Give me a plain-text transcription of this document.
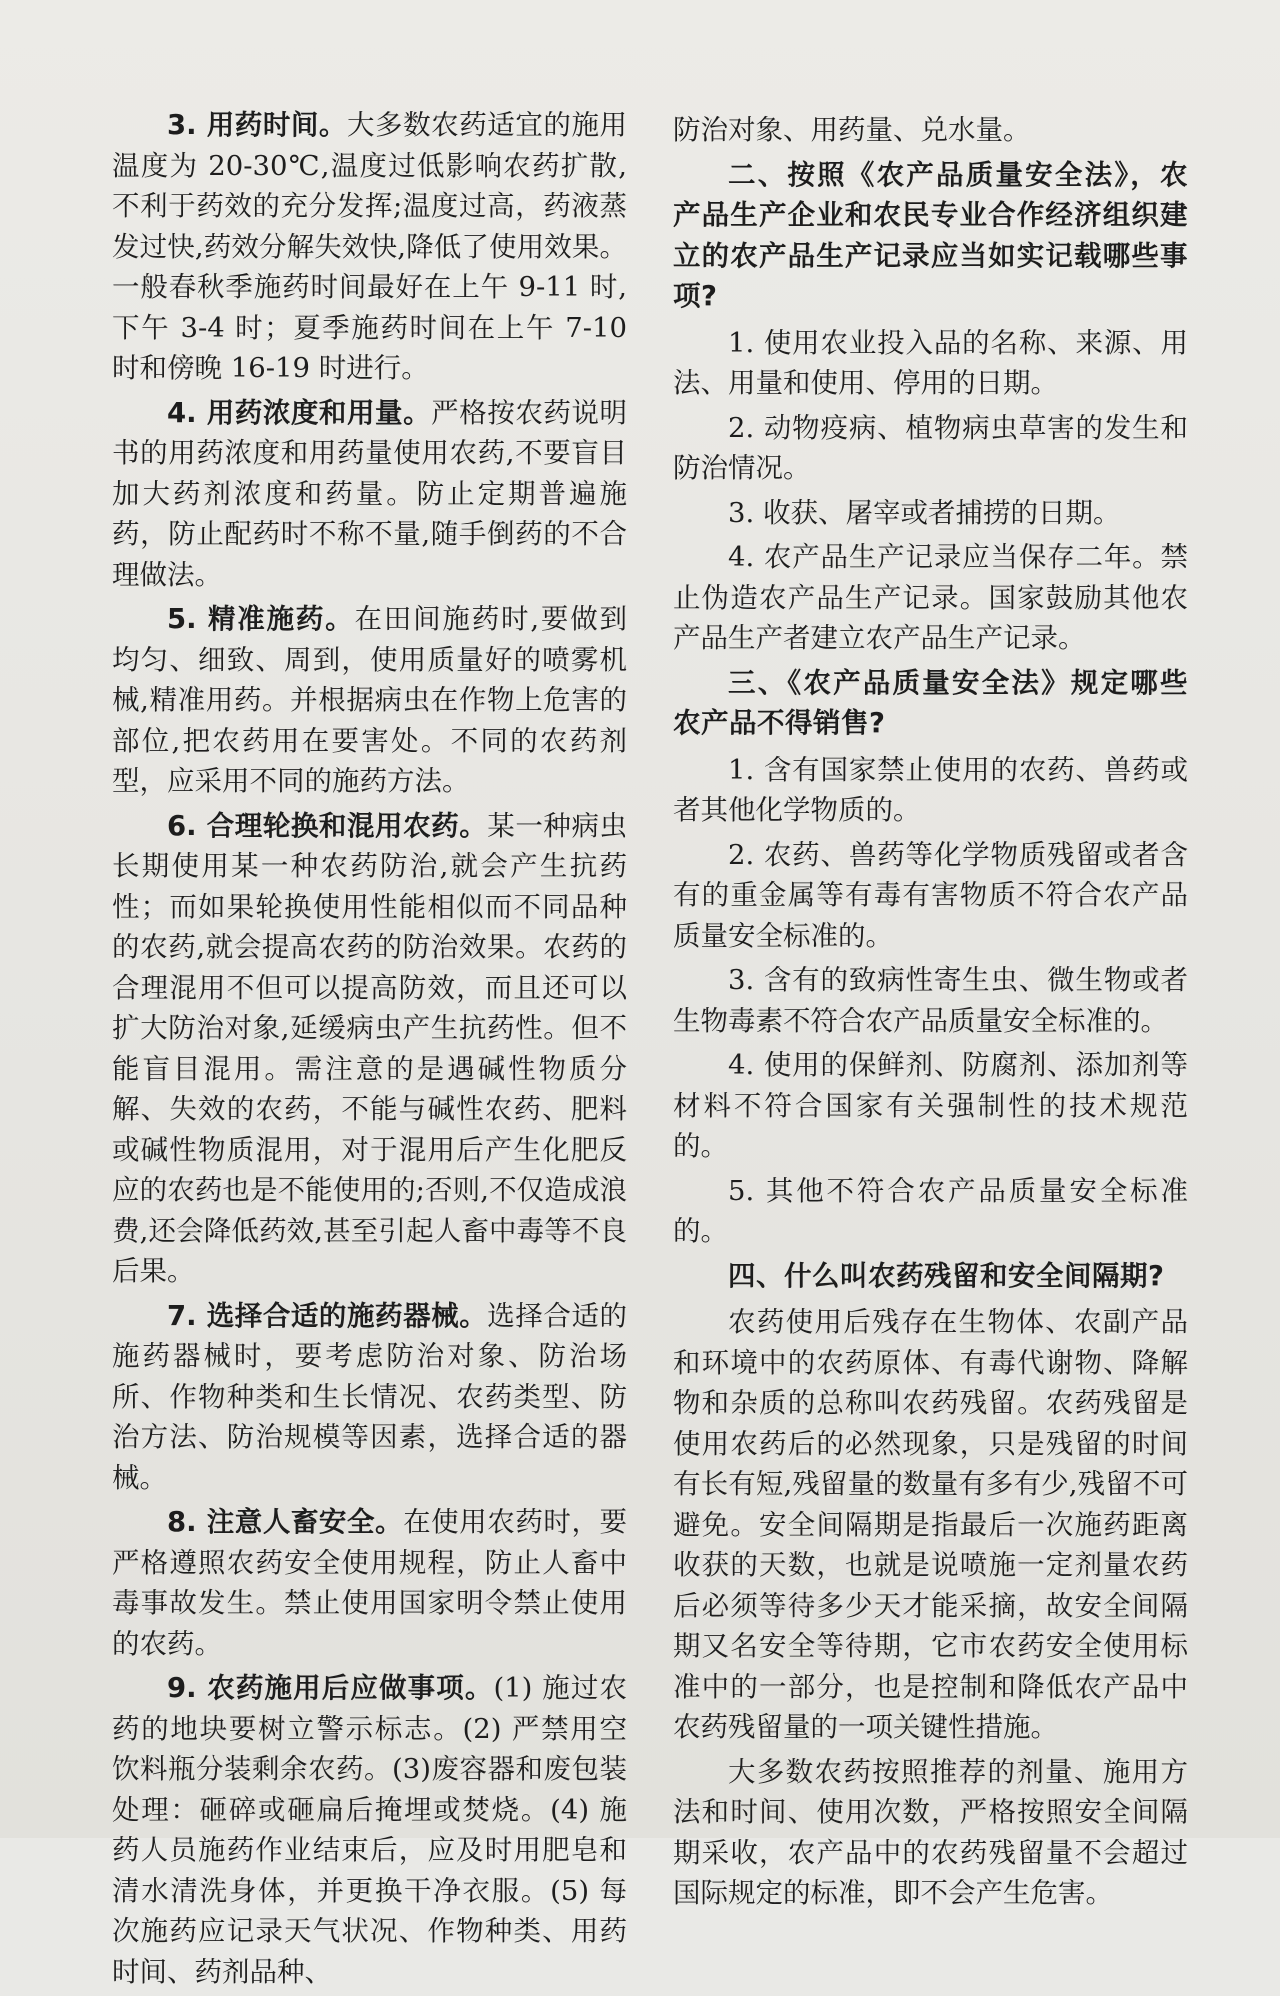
3. 用药时间。大多数农药适宜的施用温度为 20-30℃,温度过低影响农药扩散,不利于药效的充分发挥;温度过高，药液蒸发过快,药效分解失效快,降低了使用效果。一般春秋季施药时间最好在上午 9-11 时,下午 3-4 时；夏季施药时间在上午 7-10 时和傍晚 16-19 时进行。

4. 用药浓度和用量。严格按农药说明书的用药浓度和用药量使用农药,不要盲目加大药剂浓度和药量。防止定期普遍施药，防止配药时不称不量,随手倒药的不合理做法。

5. 精准施药。在田间施药时,要做到均匀、细致、周到，使用质量好的喷雾机械,精准用药。并根据病虫在作物上危害的部位,把农药用在要害处。不同的农药剂型，应采用不同的施药方法。

6. 合理轮换和混用农药。某一种病虫长期使用某一种农药防治,就会产生抗药性；而如果轮换使用性能相似而不同品种的农药,就会提高农药的防治效果。农药的合理混用不但可以提高防效，而且还可以扩大防治对象,延缓病虫产生抗药性。但不能盲目混用。需注意的是遇碱性物质分解、失效的农药，不能与碱性农药、肥料或碱性物质混用，对于混用后产生化肥反应的农药也是不能使用的;否则,不仅造成浪费,还会降低药效,甚至引起人畜中毒等不良后果。

7. 选择合适的施药器械。选择合适的施药器械时，要考虑防治对象、防治场所、作物种类和生长情况、农药类型、防治方法、防治规模等因素，选择合适的器械。

8. 注意人畜安全。在使用农药时，要严格遵照农药安全使用规程，防止人畜中毒事故发生。禁止使用国家明令禁止使用的农药。

9. 农药施用后应做事项。(1) 施过农药的地块要树立警示标志。(2) 严禁用空饮料瓶分装剩余农药。(3)废容器和废包装处理：砸碎或砸扁后掩埋或焚烧。(4) 施药人员施药作业结束后，应及时用肥皂和清水清洗身体，并更换干净衣服。(5) 每次施药应记录天气状况、作物种类、用药时间、药剂品种、

防治对象、用药量、兑水量。

二、按照《农产品质量安全法》，农产品生产企业和农民专业合作经济组织建立的农产品生产记录应当如实记载哪些事项?

1. 使用农业投入品的名称、来源、用法、用量和使用、停用的日期。

2. 动物疫病、植物病虫草害的发生和防治情况。

3. 收获、屠宰或者捕捞的日期。

4. 农产品生产记录应当保存二年。禁止伪造农产品生产记录。国家鼓励其他农产品生产者建立农产品生产记录。

三、《农产品质量安全法》规定哪些农产品不得销售?

1. 含有国家禁止使用的农药、兽药或者其他化学物质的。

2. 农药、兽药等化学物质残留或者含有的重金属等有毒有害物质不符合农产品质量安全标准的。

3. 含有的致病性寄生虫、微生物或者生物毒素不符合农产品质量安全标准的。

4. 使用的保鲜剂、防腐剂、添加剂等材料不符合国家有关强制性的技术规范的。

5. 其他不符合农产品质量安全标准的。

四、什么叫农药残留和安全间隔期?

农药使用后残存在生物体、农副产品和环境中的农药原体、有毒代谢物、降解物和杂质的总称叫农药残留。农药残留是使用农药后的必然现象，只是残留的时间有长有短,残留量的数量有多有少,残留不可避免。安全间隔期是指最后一次施药距离收获的天数，也就是说喷施一定剂量农药后必须等待多少天才能采摘，故安全间隔期又名安全等待期，它市农药安全使用标准中的一部分，也是控制和降低农产品中农药残留量的一项关键性措施。

大多数农药按照推荐的剂量、施用方法和时间、使用次数，严格按照安全间隔期采收，农产品中的农药残留量不会超过国际规定的标准，即不会产生危害。
